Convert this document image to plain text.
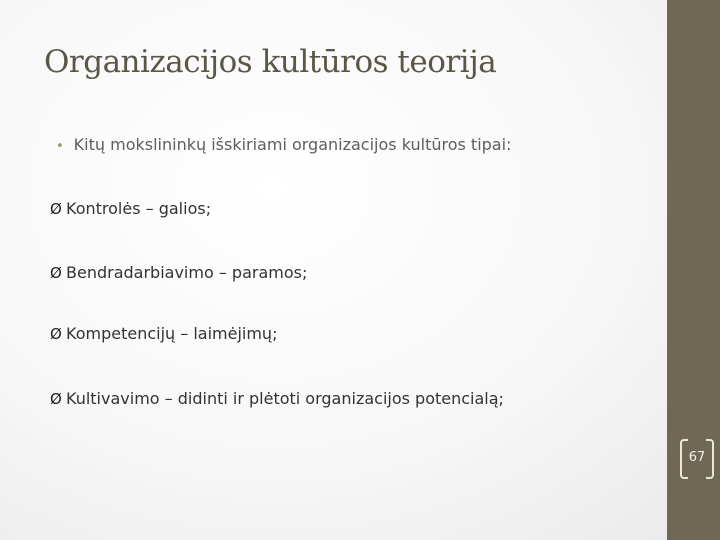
Organizacijos kultūros teorija
• Kitų mokslininkų išskiriami organizacijos kultūros tipai:
Ø Kontrolės – galios;
Ø Bendradarbiavimo – paramos;
Ø Kompetencijų – laimėjimų;
Ø Kultivavimo – didinti ir plėtoti organizacijos potencialą;
67
